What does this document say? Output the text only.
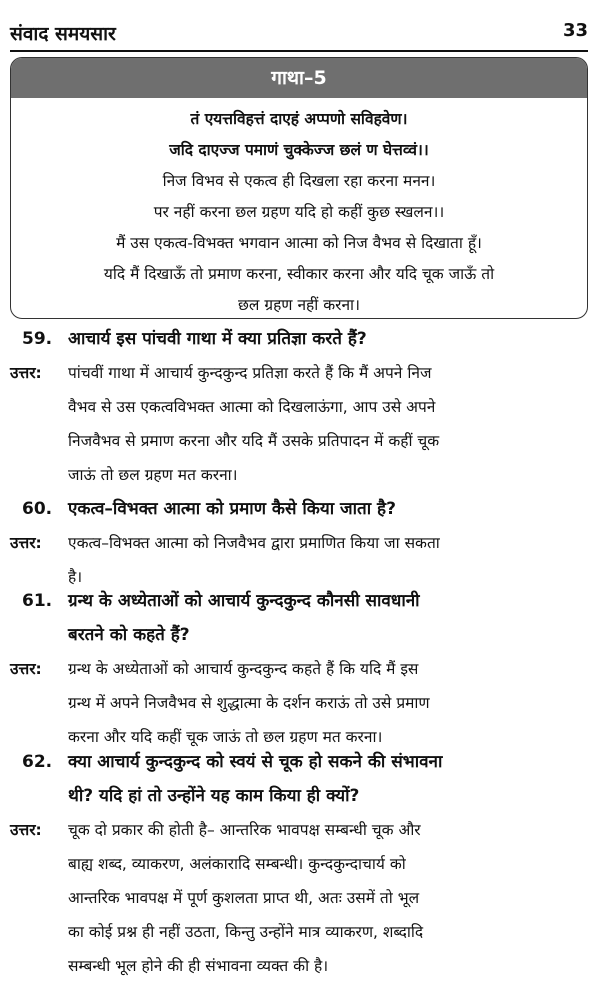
संवाद समयसार	33
गाथा–5
तं एयत्तविहत्तं दाएहं अप्पणो सविहवेण।
जदि दाएज्ज पमाणं चुक्केज्ज छलं ण घेत्तव्वं।।
निज विभव से एकत्व ही दिखला रहा करना मनन।
पर नहीं करना छल ग्रहण यदि हो कहीं कुछ स्खलन।।
मैं उस एकत्व-विभक्त भगवान आत्मा को निज वैभव से दिखाता हूँ।
यदि मैं दिखाऊँ तो प्रमाण करना, स्वीकार करना और यदि चूक जाऊँ तो
छल ग्रहण नहीं करना।
59. आचार्य इस पांचवी गाथा में क्या प्रतिज्ञा करते हैं?
उत्तर: पांचवीं गाथा में आचार्य कुन्दकुन्द प्रतिज्ञा करते हैं कि मैं अपने निज
वैभव से उस एकत्वविभक्त आत्मा को दिखलाऊंगा, आप उसे अपने
निजवैभव से प्रमाण करना और यदि मैं उसके प्रतिपादन में कहीं चूक
जाऊं तो छल ग्रहण मत करना।
60. एकत्व–विभक्त आत्मा को प्रमाण कैसे किया जाता है?
उत्तर: एकत्व–विभक्त आत्मा को निजवैभव द्वारा प्रमाणित किया जा सकता
है।
61. ग्रन्थ के अध्येताओं को आचार्य कुन्दकुन्द कौनसी सावधानी
बरतने को कहते हैं?
उत्तर: ग्रन्थ के अध्येताओं को आचार्य कुन्दकुन्द कहते हैं कि यदि मैं इस
ग्रन्थ में अपने निजवैभव से शुद्धात्मा के दर्शन कराऊं तो उसे प्रमाण
करना और यदि कहीं चूक जाऊं तो छल ग्रहण मत करना।
62. क्या आचार्य कुन्दकुन्द को स्वयं से चूक हो सकने की संभावना
थी? यदि हां तो उन्होंने यह काम किया ही क्यों?
उत्तर: चूक दो प्रकार की होती है– आन्तरिक भावपक्ष सम्बन्धी चूक और
बाह्य शब्द, व्याकरण, अलंकारादि सम्बन्धी। कुन्दकुन्दाचार्य को
आन्तरिक भावपक्ष में पूर्ण कुशलता प्राप्त थी, अतः उसमें तो भूल
का कोई प्रश्न ही नहीं उठता, किन्तु उन्होंने मात्र व्याकरण, शब्दादि
सम्बन्धी भूल होने की ही संभावना व्यक्त की है।
